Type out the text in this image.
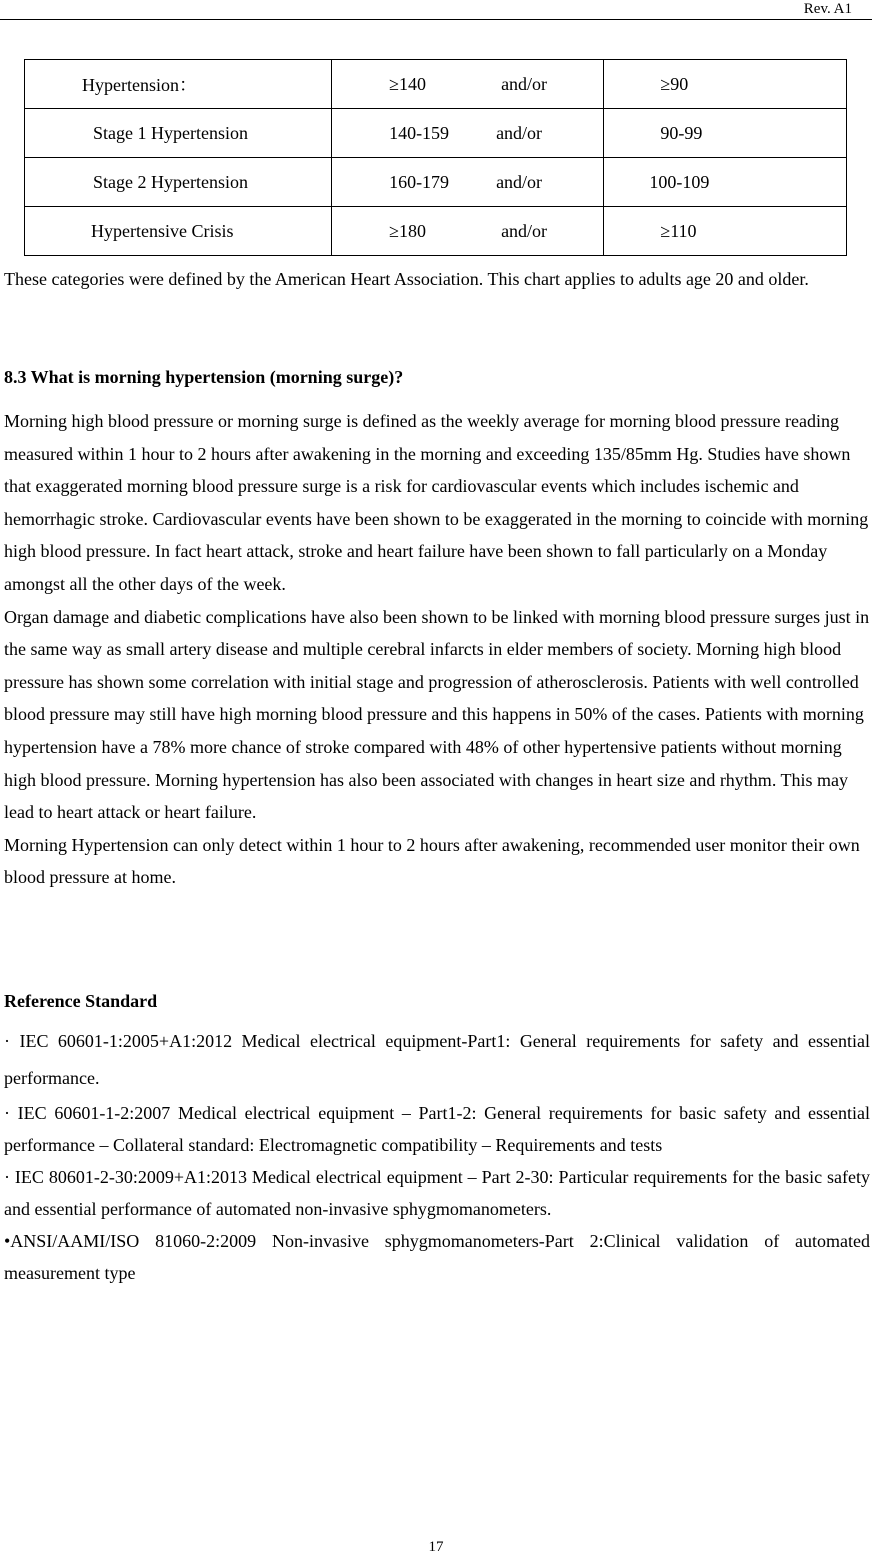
Rev. A1
Hypertension：	≥140 and/or	≥90
Stage 1 Hypertension	140-159 and/or	90-99
Stage 2 Hypertension	160-179 and/or	100-109
Hypertensive Crisis	≥180 and/or	≥110
These categories were defined by the American Heart Association. This chart applies to adults age 20 and older.
8.3 What is morning hypertension (morning surge)?
Morning high blood pressure or morning surge is defined as the weekly average for morning blood pressure reading measured within 1 hour to 2 hours after awakening in the morning and exceeding 135/85mm Hg. Studies have shown that exaggerated morning blood pressure surge is a risk for cardiovascular events which includes ischemic and hemorrhagic stroke. Cardiovascular events have been shown to be exaggerated in the morning to coincide with morning high blood pressure. In fact heart attack, stroke and heart failure have been shown to fall particularly on a Monday amongst all the other days of the week.
Organ damage and diabetic complications have also been shown to be linked with morning blood pressure surges just in the same way as small artery disease and multiple cerebral infarcts in elder members of society. Morning high blood pressure has shown some correlation with initial stage and progression of atherosclerosis. Patients with well controlled blood pressure may still have high morning blood pressure and this happens in 50% of the cases. Patients with morning hypertension have a 78% more chance of stroke compared with 48% of other hypertensive patients without morning high blood pressure. Morning hypertension has also been associated with changes in heart size and rhythm. This may lead to heart attack or heart failure.
Morning Hypertension can only detect within 1 hour to 2 hours after awakening, recommended user monitor their own blood pressure at home.
Reference Standard
· IEC 60601-1:2005+A1:2012 Medical electrical equipment-Part1: General requirements for safety and essential performance.
· IEC 60601-1-2:2007 Medical electrical equipment – Part1-2: General requirements for basic safety and essential performance – Collateral standard: Electromagnetic compatibility – Requirements and tests
· IEC 80601-2-30:2009+A1:2013 Medical electrical equipment – Part 2-30: Particular requirements for the basic safety and essential performance of automated non-invasive sphygmomanometers.
•ANSI/AAMI/ISO 81060-2:2009 Non-invasive sphygmomanometers-Part 2:Clinical validation of automated measurement type
17
